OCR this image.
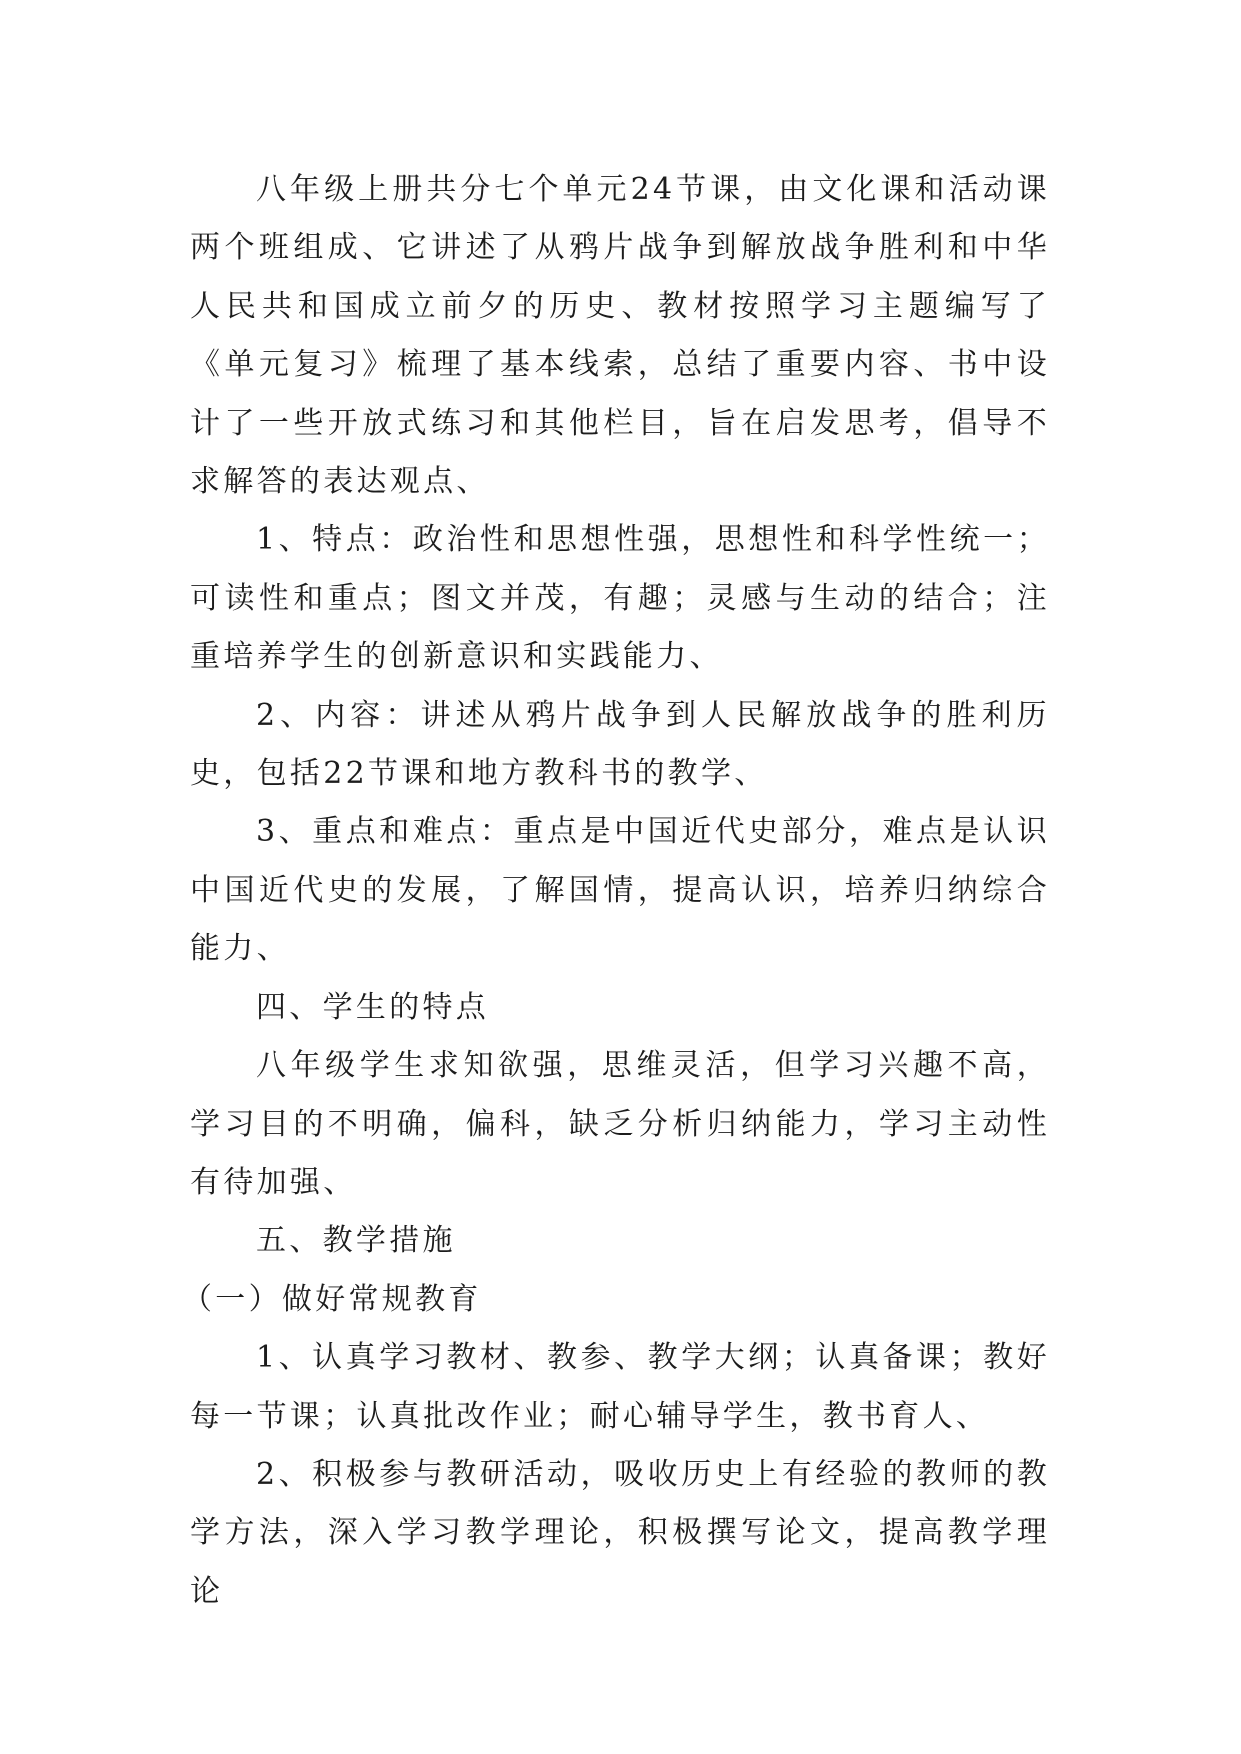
八年级上册共分七个单元24节课，由文化课和活动课两个班组成、它讲述了从鸦片战争到解放战争胜利和中华人民共和国成立前夕的历史、教材按照学习主题编写了《单元复习》梳理了基本线索，总结了重要内容、书中设计了一些开放式练习和其他栏目，旨在启发思考，倡导不求解答的表达观点、

1、特点：政治性和思想性强，思想性和科学性统一；可读性和重点；图文并茂，有趣；灵感与生动的结合；注重培养学生的创新意识和实践能力、

2、内容：讲述从鸦片战争到人民解放战争的胜利历史，包括22节课和地方教科书的教学、

3、重点和难点：重点是中国近代史部分，难点是认识中国近代史的发展，了解国情，提高认识，培养归纳综合能力、

四、学生的特点

八年级学生求知欲强，思维灵活，但学习兴趣不高，学习目的不明确，偏科，缺乏分析归纳能力，学习主动性有待加强、

五、教学措施

（一）做好常规教育

1、认真学习教材、教参、教学大纲；认真备课；教好每一节课；认真批改作业；耐心辅导学生，教书育人、

2、积极参与教研活动，吸收历史上有经验的教师的教学方法，深入学习教学理论，积极撰写论文，提高教学理论
